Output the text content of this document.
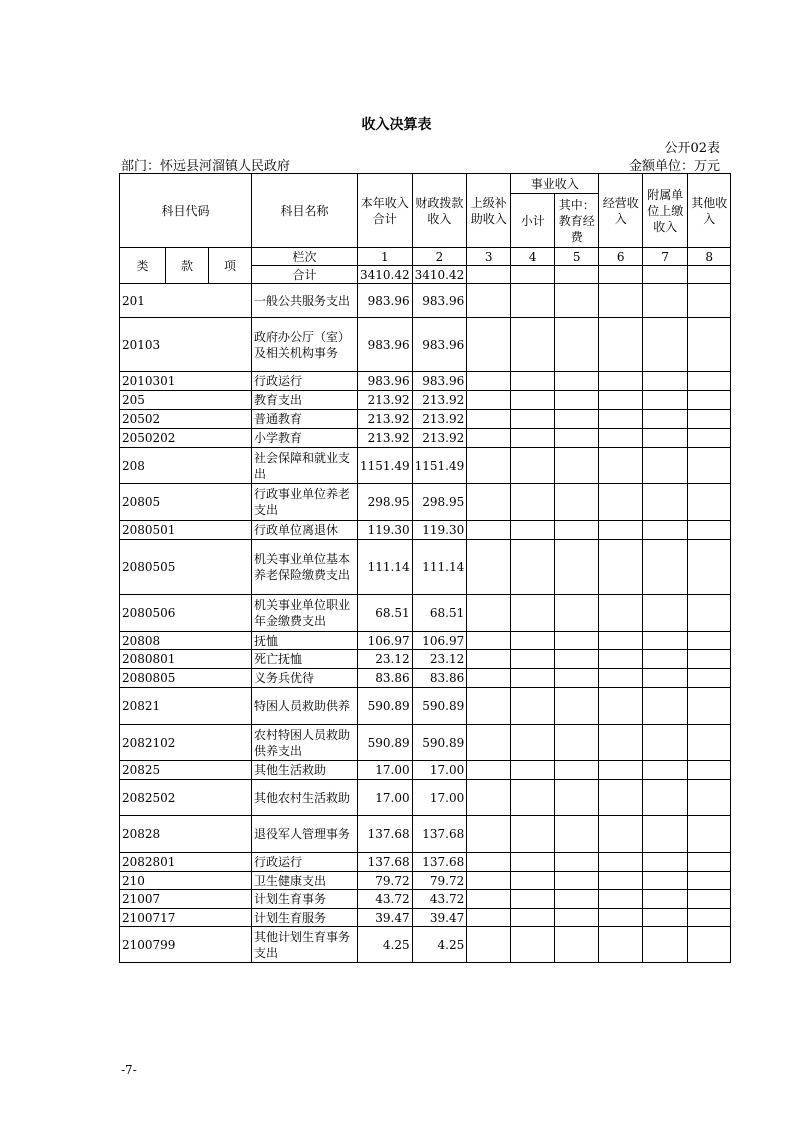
收入决算表
公开02表
部门：怀远县河溜镇人民政府	金额单位：万元
科目代码			科目名称	本年收入合计	财政拨款收入	上级补助收入	事业收入		经营收入	附属单位上缴收入	其他收入
							小计	其中：教育经费			

类	款	项	栏次	1	2	3	4	5	6	7	8
			合计	3410.42	3410.42						
201			一般公共服务支出	983.96	983.96						
20103			政府办公厅（室）及相关机构事务	983.96	983.96						
2010301			行政运行	983.96	983.96						
205			教育支出	213.92	213.92						
20502			普通教育	213.92	213.92						
2050202			小学教育	213.92	213.92						
208			社会保障和就业支出	1151.49	1151.49						
20805			行政事业单位养老支出	298.95	298.95						
2080501			行政单位离退休	119.30	119.30						
2080505			机关事业单位基本养老保险缴费支出	111.14	111.14						
2080506			机关事业单位职业年金缴费支出	68.51	68.51						
20808			抚恤	106.97	106.97						
2080801			死亡抚恤	23.12	23.12						
2080805			义务兵优待	83.86	83.86						
20821			特困人员救助供养	590.89	590.89						
2082102			农村特困人员救助供养支出	590.89	590.89						
20825			其他生活救助	17.00	17.00						
2082502			其他农村生活救助	17.00	17.00						
20828			退役军人管理事务	137.68	137.68						
2082801			行政运行	137.68	137.68						
210			卫生健康支出	79.72	79.72						
21007			计划生育事务	43.72	43.72						
2100717			计划生育服务	39.47	39.47						
2100799			其他计划生育事务支出	4.25	4.25						
-7-
